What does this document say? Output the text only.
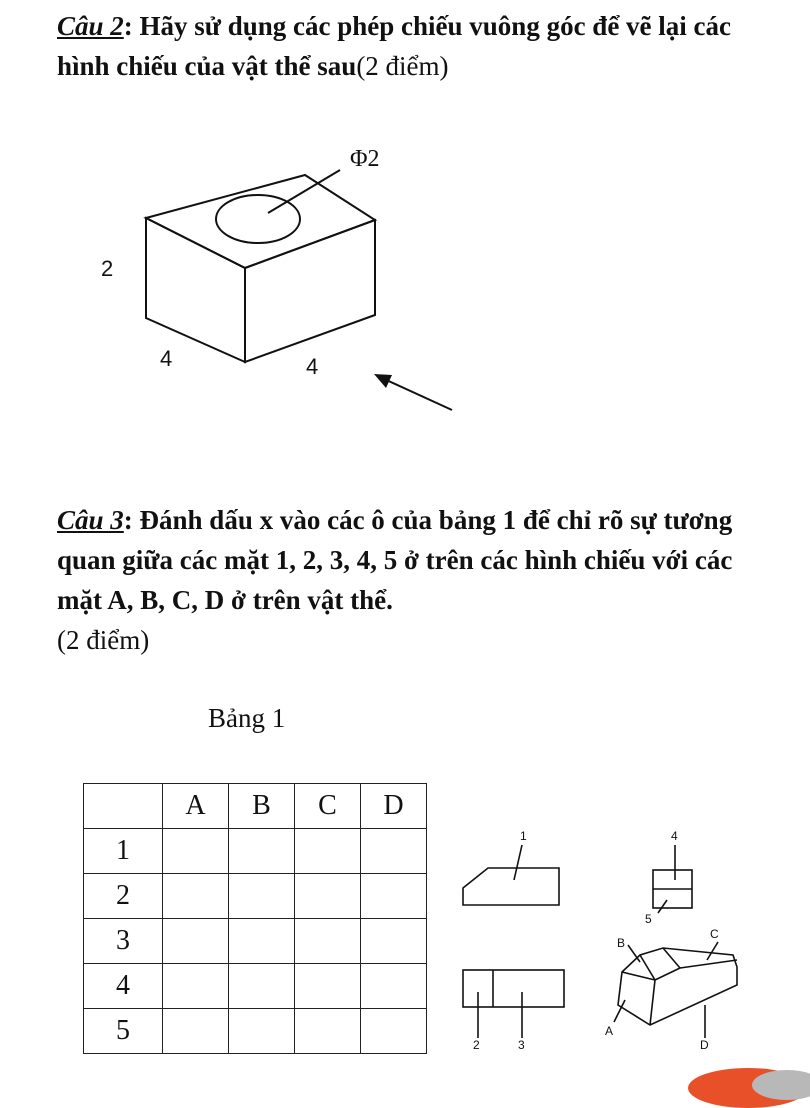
Câu 2: Hãy sử dụng các phép chiếu vuông góc để vẽ lại các hình chiếu của vật thể sau(2 điểm)

Φ2
2
4	4

Câu 3: Đánh dấu x vào các ô của bảng 1 để chỉ rõ sự tương quan giữa các mặt 1, 2, 3, 4, 5 ở trên các hình chiếu với các mặt A, B, C, D ở trên vật thể.

(2 điểm)
Bảng 1
	A	B	C	D
1				
2				
3				
4				
5				
1
2	3
4
5
B
C
A
D
